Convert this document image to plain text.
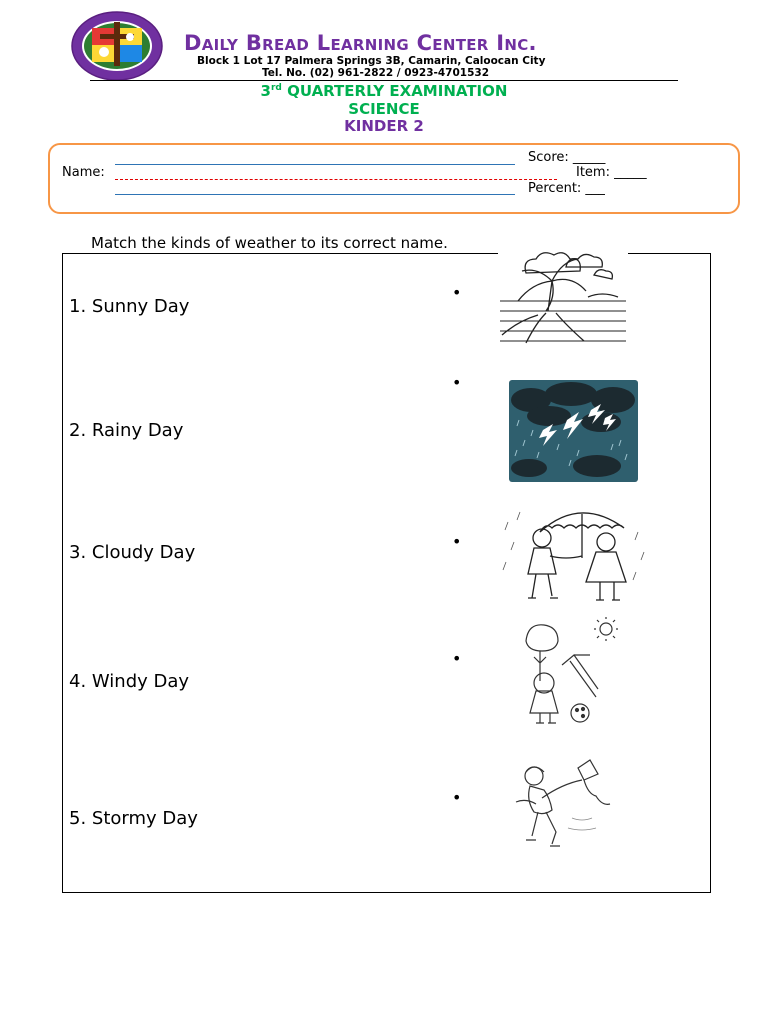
Daily Bread Learning Center Inc.
Block 1 Lot 17 Palmera Springs 3B, Camarin, Caloocan City
Tel. No. (02) 961-2822 / 0923-4701532
3rd QUARTERLY EXAMINATION
SCIENCE
KINDER 2
Name:
Score: _____
Item: _____
Percent: ___
Match the kinds of weather to its correct name.
1. Sunny Day
2. Rainy Day
3. Cloudy Day
4. Windy Day
5. Stormy Day
•
•
•
•
•
